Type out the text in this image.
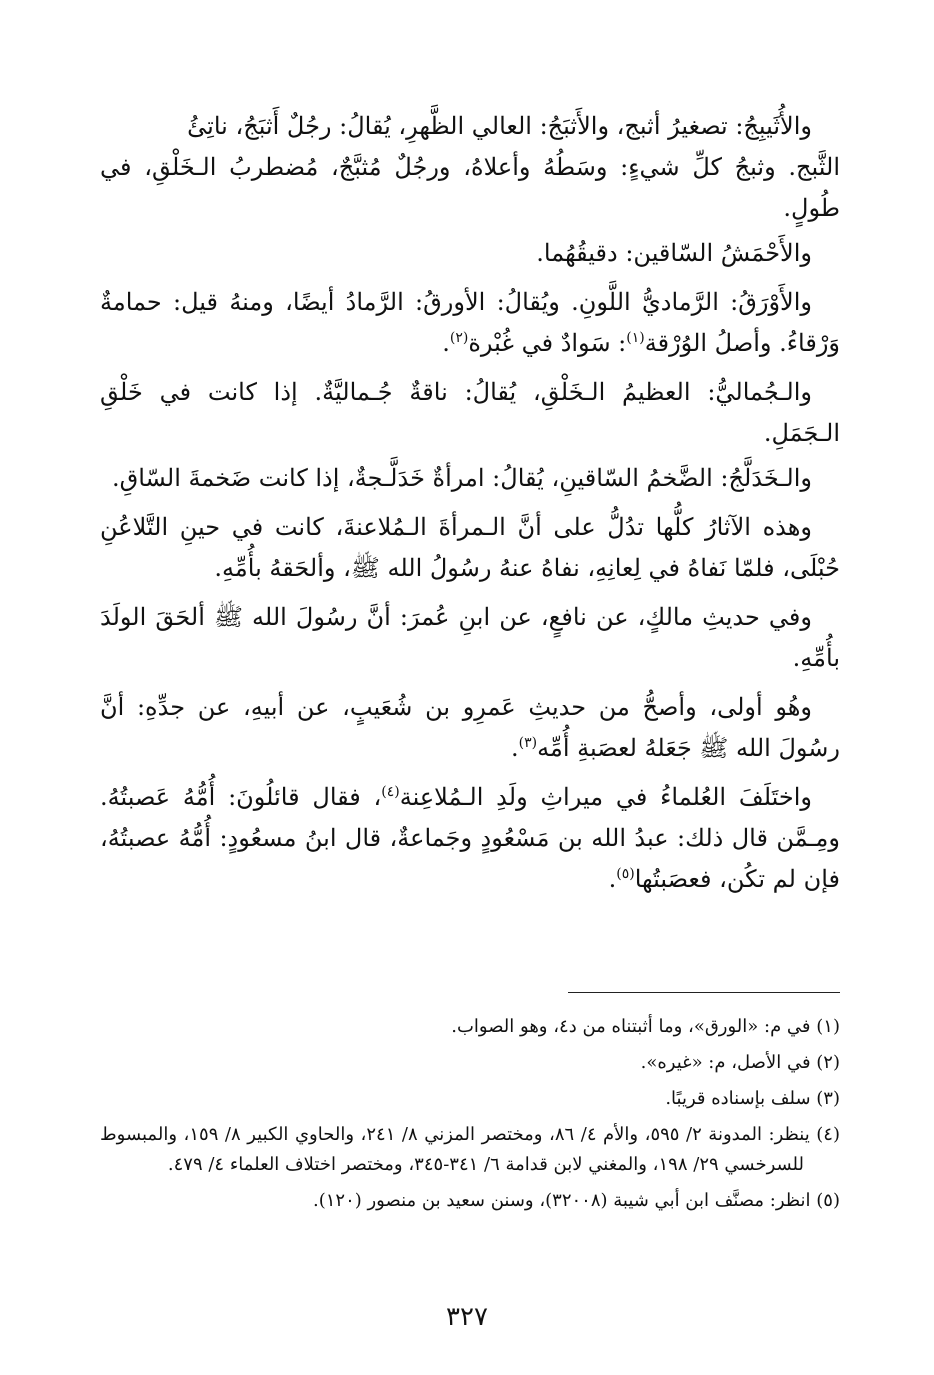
والأُثَيبِجُ: تصغيرُ أثبج، والأَثبَجُ: العالي الظَّهرِ، يُقالُ: رجُلٌ أَثبَجُ، ناتِئُ
الثَّبج. وثبجُ كلِّ شيءٍ: وسَطُهُ وأعلاهُ، ورجُلٌ مُثبَّجٌ، مُضطربُ الـخَلْقِ، في طُولٍ.

والأَحْمَشُ السّاقين: دقيقُهُما.

والأَوْرَقُ: الرَّماديُّ اللَّونِ. ويُقالُ: الأورقُ: الرَّمادُ أيضًا، ومنهُ قيل: حمامةٌ وَرْقاءُ. وأصلُ الوُرْقة$^{(١)}$: سَوادٌ في غُبْرة$^{(٢)}$.

والـجُماليُّ: العظيمُ الـخَلْقِ، يُقالُ: ناقةٌ جُـماليَّةٌ. إذا كانت في خَلْقِ الـجَمَلِ.

والـخَدَلَّجُ: الضَّخمُ السّاقينِ، يُقالُ: امرأةٌ خَدَلَّـجةٌ، إذا كانت ضَخمةَ السّاقِ.

وهذه الآثارُ كلُّها تدُلُّ على أنَّ الـمرأةَ الـمُلاعنةَ، كانت في حينِ التَّلاعُنِ حُبْلَى، فلمّا نَفاهُ في لِعانِهِ، نفاهُ عنهُ رسُولُ الله ﷺ، وألحَقهُ بأُمِّهِ.

وفي حديثِ مالكٍ، عن نافعٍ، عن ابنِ عُمرَ: أنَّ رسُولَ الله ﷺ ألحَقَ الولَدَ بأُمِّهِ.

وهُو أولى، وأصحُّ من حديثِ عَمرِو بن شُعَيبٍ، عن أبيهِ، عن جدِّهِ: أنَّ رسُولَ الله ﷺ جَعَلهُ لعصَبةِ أُمِّه$^{(٣)}$.

واختَلَفَ العُلماءُ في ميراثِ ولَدِ الـمُلاعِنة$^{(٤)}$، فقال قائلُونَ: أُمُّهُ عَصبتُهُ. ومِـمَّن قال ذلك: عبدُ الله بن مَسْعُودٍ وجَماعةٌ، قال ابنُ مسعُودٍ: أُمُّهُ عصبتُهُ، فإن لم تكُن، فعصَبتُها$^{(٥)}$.

(١) في م: «الورق»، وما أثبتناه من د٤، وهو الصواب.

(٢) في الأصل، م: «غيره».

(٣) سلف بإسناده قريبًا.

(٤) ينظر: المدونة ٢/ ٥٩٥، والأم ٤/ ٨٦، ومختصر المزني ٨/ ٢٤١، والحاوي الكبير ٨/ ١٥٩، والمبسوط للسرخسي ٢٩/ ١٩٨، والمغني لابن قدامة ٦/ ٣٤١-٣٤٥، ومختصر اختلاف العلماء ٤/ ٤٧٩.

(٥) انظر: مصنَّف ابن أبي شيبة (٣٢٠٠٨)، وسنن سعيد بن منصور (١٢٠).

٣٢٧
